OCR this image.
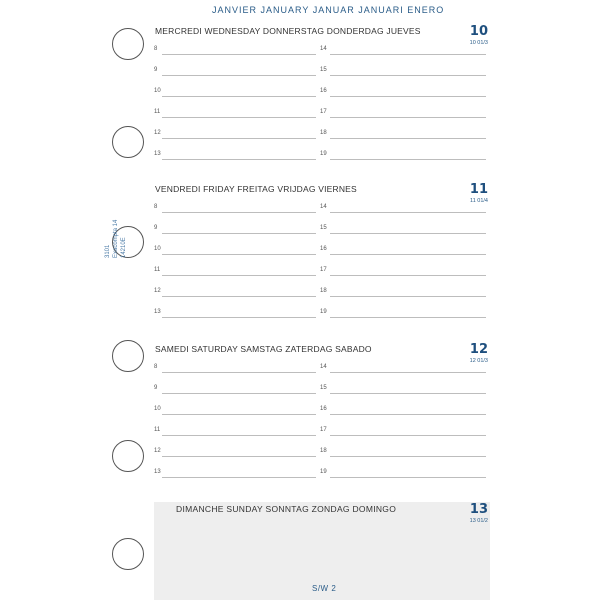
JANVIER JANUARY JANUAR JANUARI ENERO
3101 Exacompta 14 14210E
MERCREDI WEDNESDAY DONNERSTAG DONDERDAG JUEVES	10
10 01/3
8	14
9	15
10	16
11	17
12	18
13	19
VENDREDI FRIDAY FREITAG VRIJDAG VIERNES	11
11 01/4
8	14
9	15
10	16
11	17
12	18
13	19
SAMEDI SATURDAY SAMSTAG ZATERDAG SABADO	12
12 01/3
8	14
9	15
10	16
11	17
12	18
13	19
DIMANCHE SUNDAY SONNTAG ZONDAG DOMINGO	13
13 01/2
S/W 2
